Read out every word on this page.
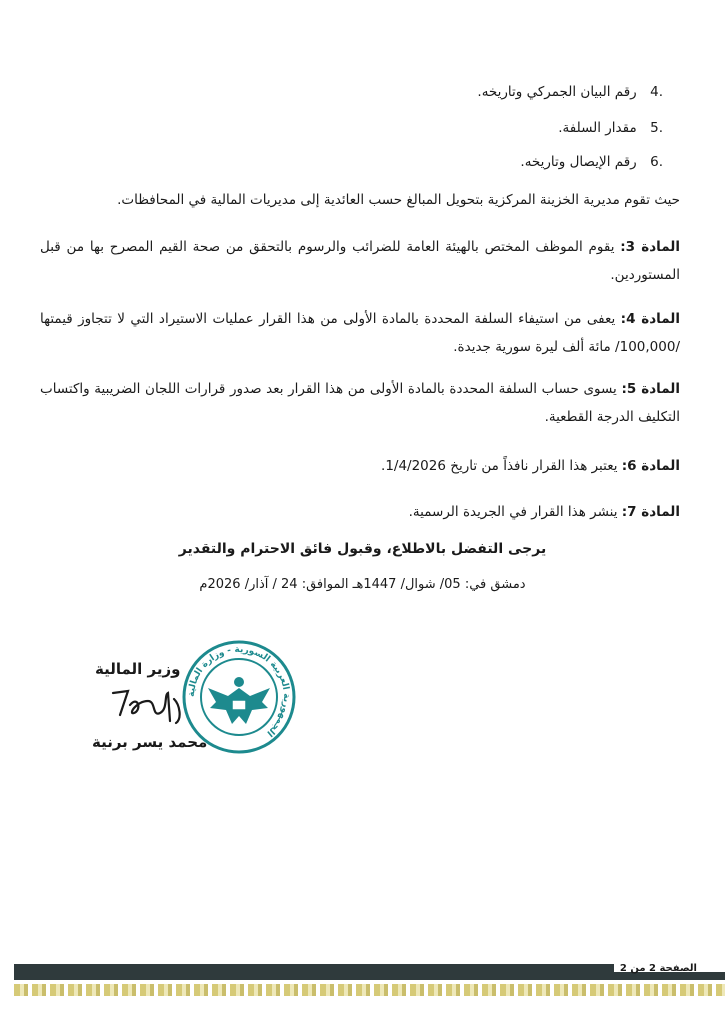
.4 رقم البيان الجمركي وتاريخه.
.5 مقدار السلفة.
.6 رقم الإيصال وتاريخه.
حيث تقوم مديرية الخزينة المركزية بتحويل المبالغ حسب العائدية إلى مديريات المالية في المحافظات.
المادة 3: يقوم الموظف المختص بالهيئة العامة للضرائب والرسوم بالتحقق من صحة القيم المصرح بها من قبل المستوردين.
المادة 4: يعفى من استيفاء السلفة المحددة بالمادة الأولى من هذا القرار عمليات الاستيراد التي لا تتجاوز قيمتها /100,000/ مائة ألف ليرة سورية جديدة.
المادة 5: يسوى حساب السلفة المحددة بالمادة الأولى من هذا القرار بعد صدور قرارات اللجان الضريبية واكتساب التكليف الدرجة القطعية.
المادة 6: يعتبر هذا القرار نافذاً من تاريخ 1/4/2026.
المادة 7: ينشر هذا القرار في الجريدة الرسمية.
يرجى التفضل بالاطلاع، وقبول فائق الاحترام والتقدير
دمشق في: 05/ شوال/ 1447هـ الموافق: 24 / آذار/ 2026م
الجمهورية العربية السورية - وزارة المالية
وزير المالية
محمد يسر برنية
الصفحة 2 من 2
